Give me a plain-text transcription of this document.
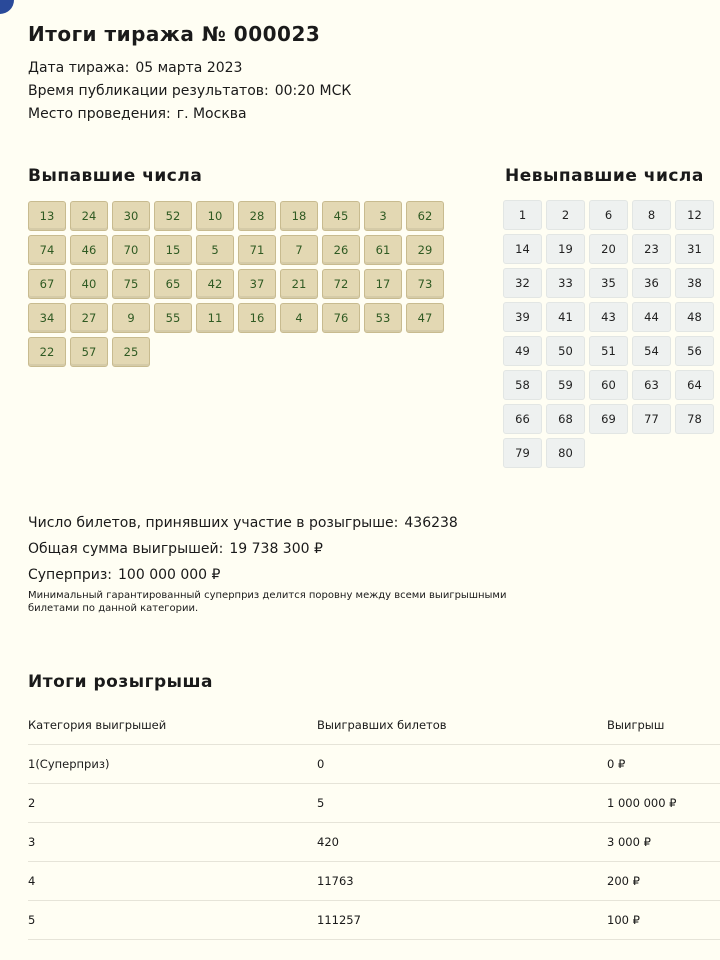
Итоги тиража № 000023
Дата тиража: 05 марта 2023
Время публикации результатов: 00:20 МСК
Место проведения: г. Москва
Выпавшие числа
13	24	30	52	10	28	18	45	3	62
74	46	70	15	5	71	7	26	61	29
67	40	75	65	42	37	21	72	17	73
34	27	9	55	11	16	4	76	53	47
22	57	25
Невыпавшие числа
1	2	6	8	12
14	19	20	23	31
32	33	35	36	38
39	41	43	44	48
49	50	51	54	56
58	59	60	63	64
66	68	69	77	78
79	80
Число билетов, принявших участие в розыгрыше: 436238
Общая сумма выигрышей: 19 738 300 ₽
Суперприз: 100 000 000 ₽
Минимальный гарантированный суперприз делится поровну между всеми выигрышными билетами по данной категории.
Итоги розыгрыша
Категория выигрышей	Выигравших билетов	Выигрыш
1(Суперприз)	0	0 ₽
2	5	1 000 000 ₽
3	420	3 000 ₽
4	11763	200 ₽
5	111257	100 ₽
